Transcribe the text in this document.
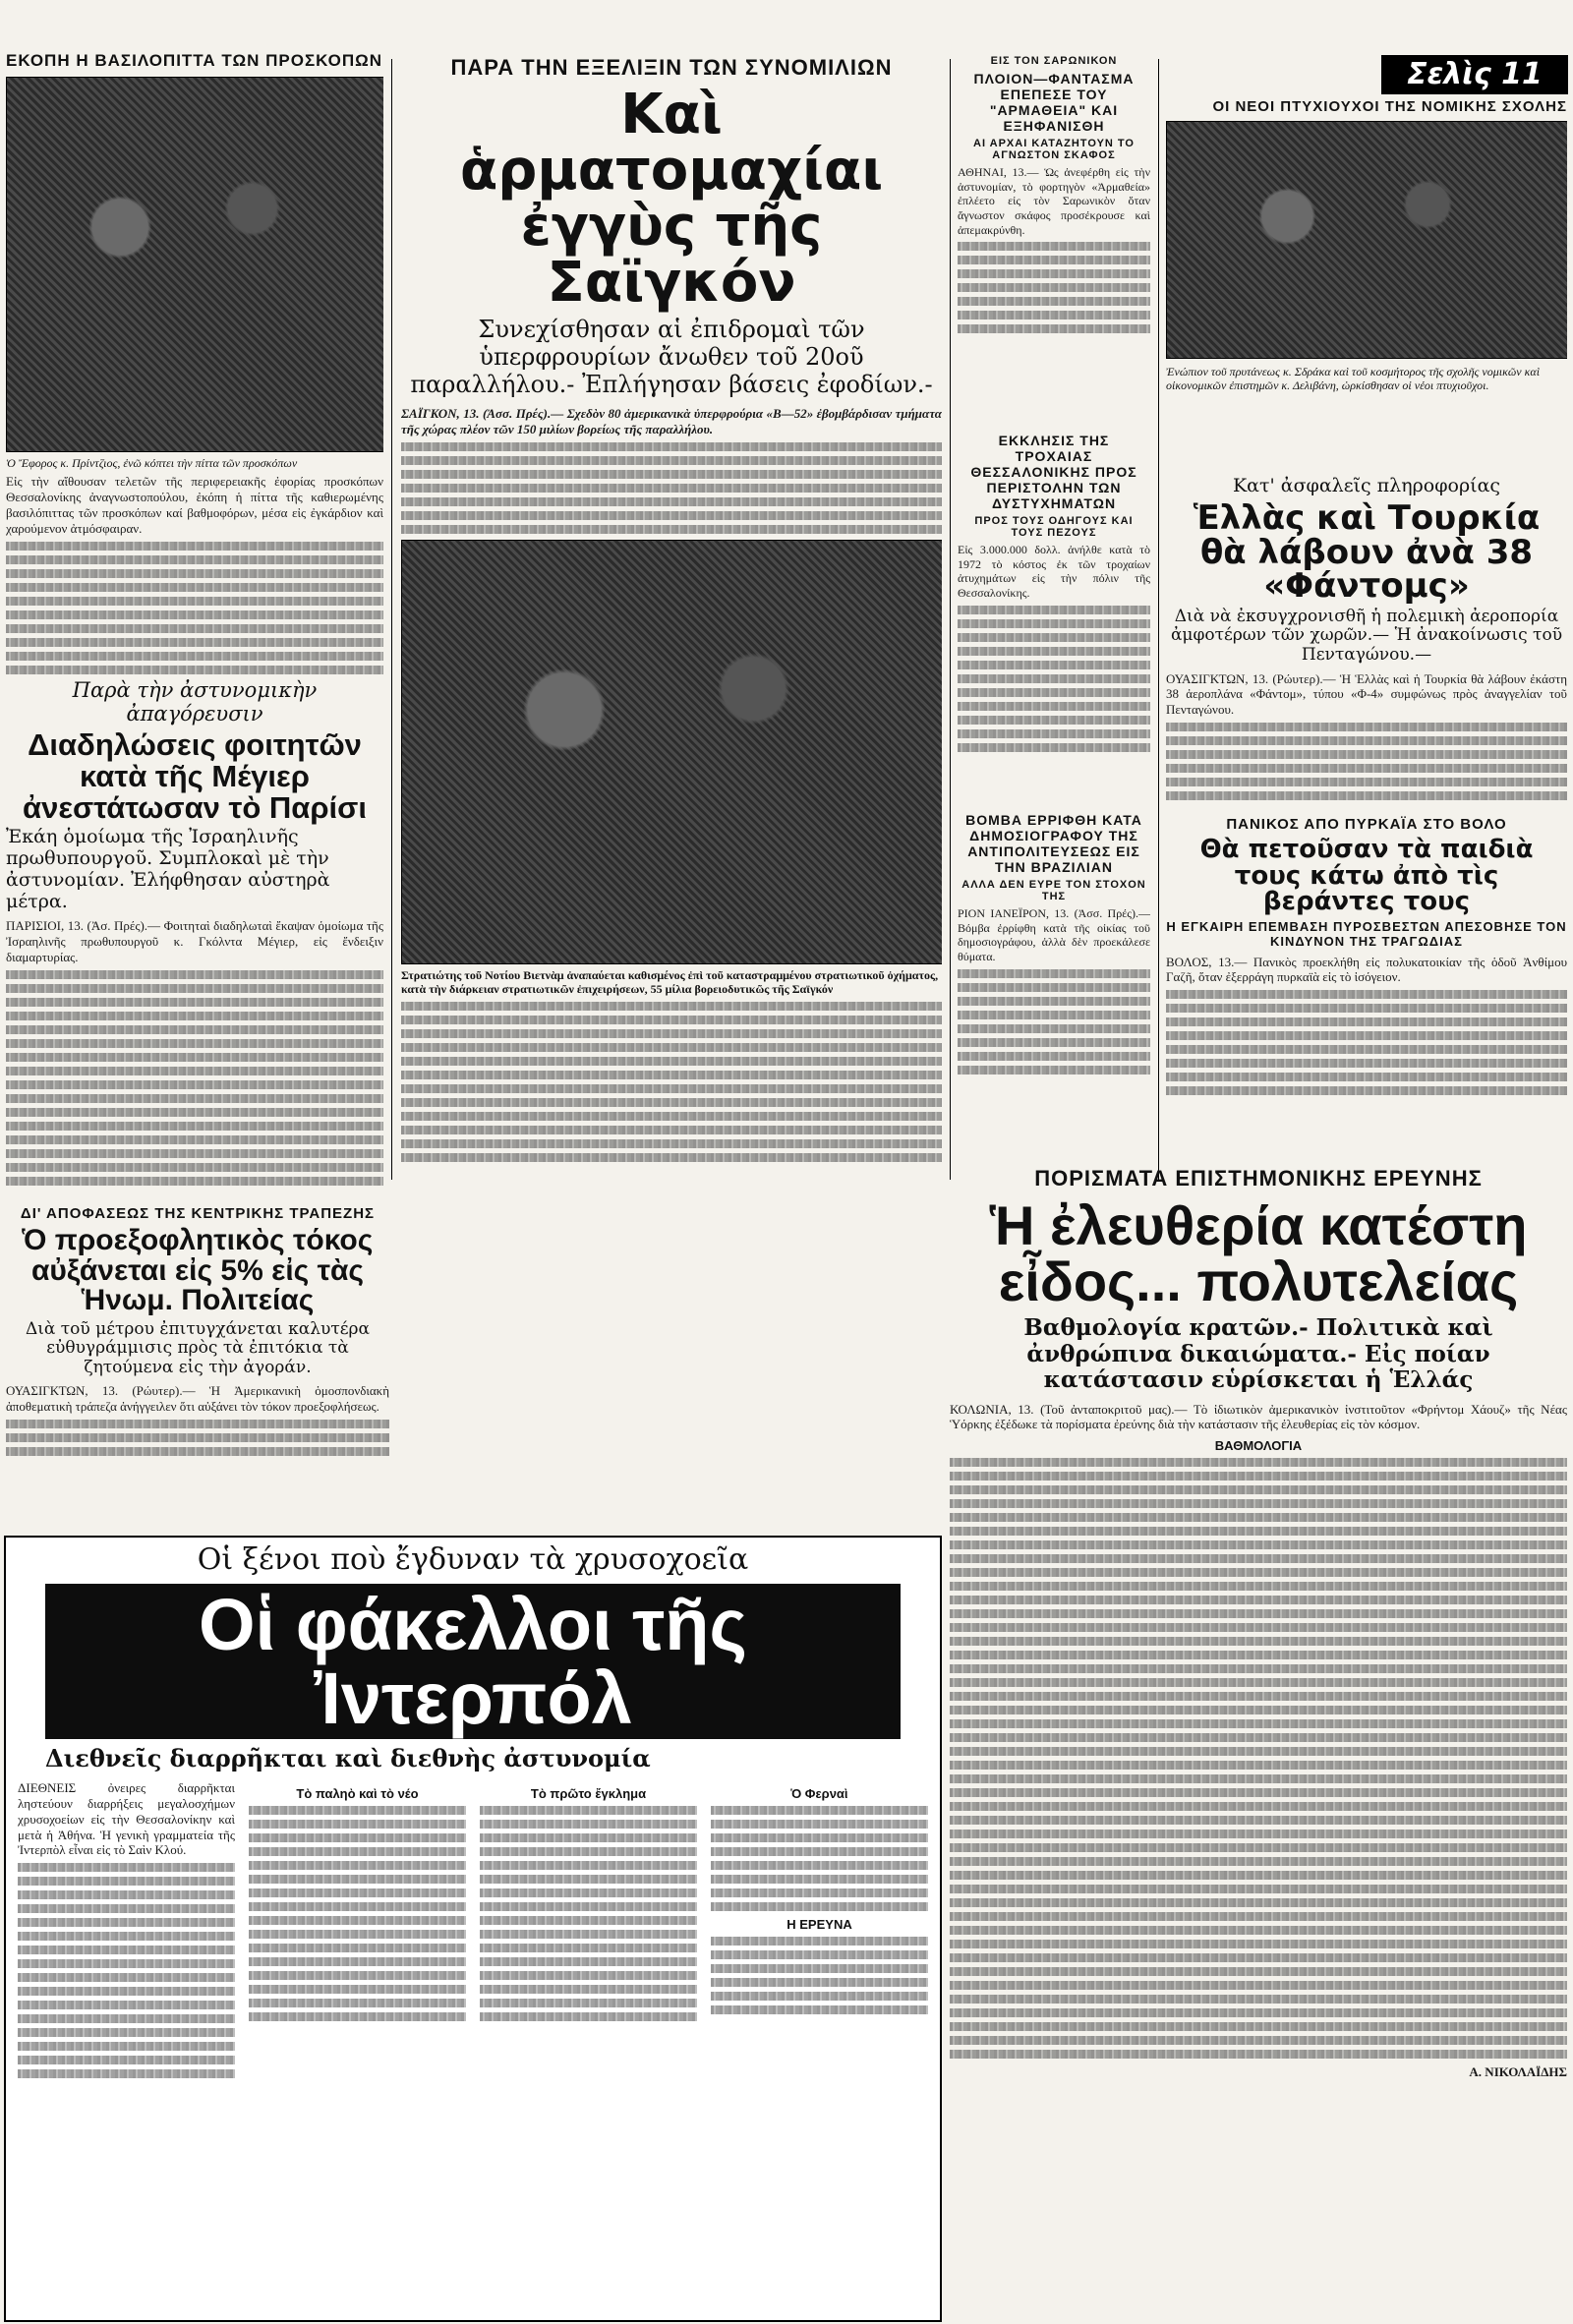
ΕΚΟΠΗ Η ΒΑΣΙΛΟΠΙΤΤΑ ΤΩΝ ΠΡΟΣΚΟΠΩΝ
Ὁ Ἔφορος κ. Πρίντζιος, ἐνῶ κόπτει τὴν πίττα τῶν προσκόπων
Εἰς τὴν αἴθουσαν τελετῶν τῆς περιφερειακῆς ἐφορίας προσκόπων Θεσσαλονίκης ἀναγνωστοπούλου, ἐκόπη ἡ πίττα τῆς καθιερωμένης βασιλόπιττας τῶν προσκόπων καί βαθμοφόρων, μέσα εἰς ἐγκάρδιον καὶ χαρούμενον ἀτμόσφαιραν.
Παρὰ τὴν ἀστυνομικὴν ἀπαγόρευσιν
Διαδηλώσεις φοιτητῶν κατὰ τῆς Μέγιερ ἀνεστάτωσαν τὸ Παρίσι
Ἐκάη ὁμοίωμα τῆς Ἰσραηλινῆς πρωθυπουργοῦ. Συμπλοκαὶ μὲ τὴν ἀστυνομίαν. Ἐλήφθησαν αὐστηρὰ μέτρα.
ΠΑΡΙΣΙΟΙ, 13. (Ἀσ. Πρές).— Φοιτηταὶ διαδηλωταὶ ἔκαψαν ὁμοίωμα τῆς Ἰσραηλινῆς πρωθυπουργοῦ κ. Γκόλντα Μέγιερ, εἰς ἔνδειξιν διαμαρτυρίας.
ΠΑΡΑ ΤΗΝ ΕΞΕΛΙΞΙΝ ΤΩΝ ΣΥΝΟΜΙΛΙΩΝ
Καὶ ἁρματομαχίαι ἐγγὺς τῆς Σαϊγκόν
Συνεχίσθησαν αἱ ἐπιδρομαὶ τῶν ὑπερφρουρίων ἄνωθεν τοῦ 20οῦ παραλλήλου.- Ἐπλήγησαν βάσεις ἐφοδίων.-
ΣΑΪΓΚΟΝ, 13. (Ἀσσ. Πρές).— Σχεδὸν 80 ἀμερικανικὰ ὑπερφρούρια «Β—52» ἐβομβάρδισαν τμήματα τῆς χώρας πλέον τῶν 150 μιλίων βορείως τῆς παραλλήλου.
Στρατιώτης τοῦ Νοτίου Βιετνὰμ ἀναπαύεται καθισμένος ἐπὶ τοῦ καταστραμμένου στρατιωτικοῦ ὀχήματος, κατὰ τὴν διάρκειαν στρατιωτικῶν ἐπιχειρήσεων, 55 μίλια βορειοδυτικῶς τῆς Σαϊγκόν
ΕΙΣ ΤΟΝ ΣΑΡΩΝΙΚΟΝ
ΠΛΟΙΟΝ—ΦΑΝΤΑΣΜΑ ΕΠΕΠΕΣΕ ΤΟΥ "ΑΡΜΑΘΕΙΑ" ΚΑΙ ΕΞΗΦΑΝΙΣΘΗ
ΑΙ ΑΡΧΑΙ ΚΑΤΑΖΗΤΟΥΝ ΤΟ ΑΓΝΩΣΤΟΝ ΣΚΑΦΟΣ
ΑΘΗΝΑΙ, 13.— Ὡς ἀνεφέρθη εἰς τὴν ἀστυνομίαν, τὸ φορτηγὸν «Ἀρμαθεία» ἐπλέετο εἰς τὸν Σαρωνικὸν ὅταν ἄγνωστον σκάφος προσέκρουσε καὶ ἀπεμακρύνθη.
ΕΚΚΛΗΣΙΣ ΤΗΣ ΤΡΟΧΑΙΑΣ ΘΕΣΣΑΛΟΝΙΚΗΣ ΠΡΟΣ ΠΕΡΙΣΤΟΛΗΝ ΤΩΝ ΔΥΣΤΥΧΗΜΑΤΩΝ
ΠΡΟΣ ΤΟΥΣ ΟΔΗΓΟΥΣ ΚΑΙ ΤΟΥΣ ΠΕΖΟΥΣ
Εἰς 3.000.000 δολλ. ἀνήλθε κατὰ τὸ 1972 τὸ κόστος ἐκ τῶν τροχαίων ἀτυχημάτων εἰς τὴν πόλιν τῆς Θεσσαλονίκης.
ΒΟΜΒΑ ΕΡΡΙΦΘΗ ΚΑΤΑ ΔΗΜΟΣΙΟΓΡΑΦΟΥ ΤΗΣ ΑΝΤΙΠΟΛΙΤΕΥΣΕΩΣ ΕΙΣ ΤΗΝ ΒΡΑΖΙΛΙΑΝ
ΑΛΛΑ ΔΕΝ ΕΥΡΕ ΤΟΝ ΣΤΟΧΟΝ ΤΗΣ
ΡΙΟΝ ΙΑΝΕΪΡΟΝ, 13. (Ἀσσ. Πρές).— Βόμβα ἐρρίφθη κατὰ τῆς οἰκίας τοῦ δημοσιογράφου, ἀλλὰ δὲν προεκάλεσε θύματα.
Σελὶς 11
ΟΙ ΝΕΟΙ ΠΤΥΧΙΟΥΧΟΙ ΤΗΣ ΝΟΜΙΚΗΣ ΣΧΟΛΗΣ
Ἐνώπιον τοῦ πρυτάνεως κ. Σδράκα καὶ τοῦ κοσμήτορος τῆς σχολῆς νομικῶν καὶ οἰκονομικῶν ἐπιστημῶν κ. Δελιβάνη, ὡρκίσθησαν οἱ νέοι πτυχιοῦχοι.
Κατ' ἀσφαλεῖς πληροφορίας
Ἑλλὰς καὶ Τουρκία θὰ λάβουν ἀνὰ 38 «Φάντομς»
Διὰ νὰ ἐκσυγχρονισθῆ ἡ πολεμικὴ ἀεροπορία ἀμφοτέρων τῶν χωρῶν.— Ἡ ἀνακοίνωσις τοῦ Πενταγώνου.—
ΟΥΑΣΙΓΚΤΩΝ, 13. (Ρώυτερ).— Ἡ Ἑλλὰς καὶ ἡ Τουρκία θὰ λάβουν ἐκάστη 38 ἀεροπλάνα «Φάντομ», τύπου «Φ-4» συμφώνως πρὸς ἀναγγελίαν τοῦ Πενταγώνου.
ΠΑΝΙΚΟΣ ΑΠΟ ΠΥΡΚΑΪΑ ΣΤΟ ΒΟΛΟ
Θὰ πετοῦσαν τὰ παιδιὰ τους κάτω ἀπὸ τὶς βεράντες τους
Η ΕΓΚΑΙΡΗ ΕΠΕΜΒΑΣΗ ΠΥΡΟΣΒΕΣΤΩΝ ΑΠΕΣΟΒΗΣΕ ΤΟΝ ΚΙΝΔΥΝΟΝ ΤΗΣ ΤΡΑΓΩΔΙΑΣ
ΒΟΛΟΣ, 13.— Πανικὸς προεκλήθη εἰς πολυκατοικίαν τῆς ὁδοῦ Ἀνθίμου Γαζῆ, ὅταν ἐξερράγη πυρκαϊὰ εἰς τὸ ἰσόγειον.
ΔΙ' ΑΠΟΦΑΣΕΩΣ ΤΗΣ ΚΕΝΤΡΙΚΗΣ ΤΡΑΠΕΖΗΣ
Ὁ προεξοφλητικὸς τόκος αὐξάνεται εἰς 5% εἰς τὰς Ἡνωμ. Πολιτείας
Διὰ τοῦ μέτρου ἐπιτυγχάνεται καλυτέρα εὐθυγράμμισις πρὸς τὰ ἐπιτόκια τὰ ζητούμενα εἰς τὴν ἀγοράν.
ΟΥΑΣΙΓΚΤΩΝ, 13. (Ρώυτερ).— Ἡ Ἀμερικανικὴ ὁμοσπονδιακὴ ἀποθεματικὴ τράπεζα ἀνήγγειλεν ὅτι αὐξάνει τὸν τόκον προεξοφλήσεως.
ΠΟΡΙΣΜΑΤΑ ΕΠΙΣΤΗΜΟΝΙΚΗΣ ΕΡΕΥΝΗΣ
Ἡ ἐλευθερία κατέστη εἶδος... πολυτελείας
Βαθμολογία κρατῶν.- Πολιτικὰ καὶ ἀνθρώπινα δικαιώματα.- Εἰς ποίαν κατάστασιν εὑρίσκεται ἡ Ἑλλάς
ΚΟΛΩΝΙΑ, 13. (Τοῦ ἀνταποκριτοῦ μας).— Τὸ ἰδιωτικὸν ἀμερικανικὸν ἰνστιτοῦτον «Φρήντομ Χάουζ» τῆς Νέας Ὑόρκης ἐξέδωκε τὰ πορίσματα ἐρεύνης διὰ τὴν κατάστασιν τῆς ἐλευθερίας εἰς τὸν κόσμον.
ΒΑΘΜΟΛΟΓΙΑ
Α. ΝΙΚΟΛΑΪΔΗΣ
Οἱ ξένοι ποὺ ἔγδυναν τὰ χρυσοχοεῖα
Οἱ φάκελλοι τῆς Ἰντερπόλ
Διεθνεῖς διαρρῆκται καὶ διεθνὴς ἀστυνομία
ΔΙΕΘΝΕΙΣ ὀνειρες διαρρῆκται ληστεύουν διαρρήξεις μεγαλοσχήμων χρυσοχοείων εἰς τὴν Θεσσαλονίκην καὶ μετὰ ἡ Ἀθήνα. Ἡ γενικὴ γραμματεία τῆς Ἰντερπὸλ εἶναι εἰς τὸ Σαὶν Κλού.
Τὸ παληὸ καὶ τὸ νέο	Τὸ πρῶτο ἔγκλημα	Ὁ Φερναὶ
Η ΕΡΕΥΝΑ
